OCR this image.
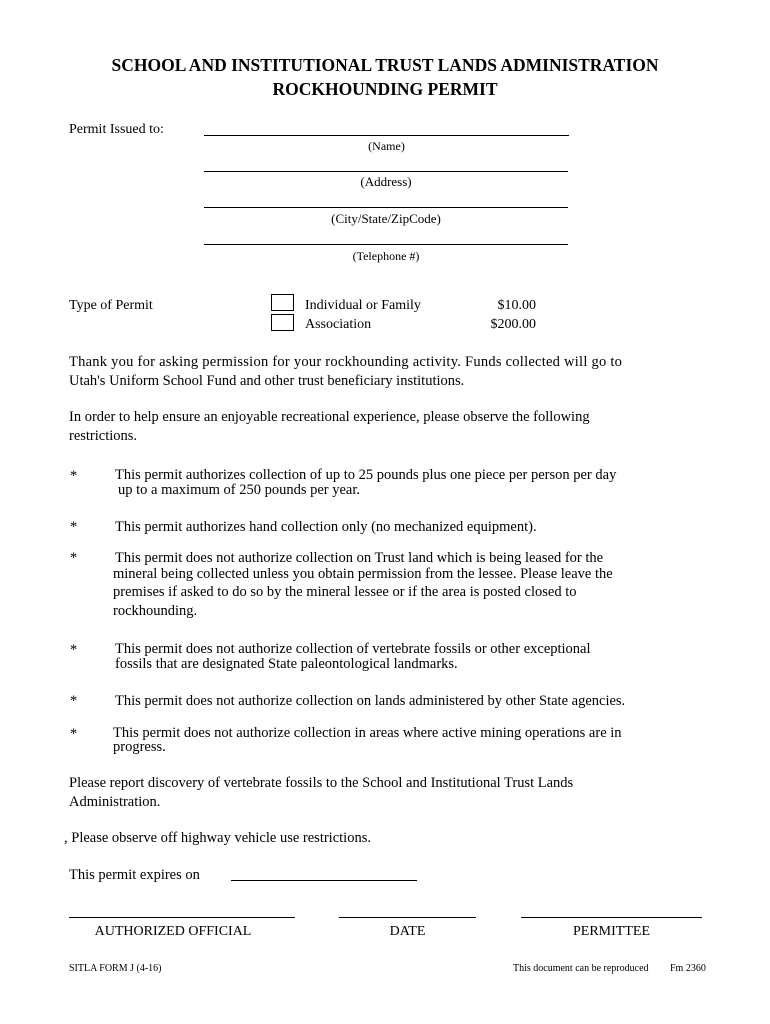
SCHOOL AND INSTITUTIONAL TRUST LANDS ADMINISTRATION
ROCKHOUNDING PERMIT
Permit Issued to:
(Name)
(Address)
(City/State/ZipCode)
(Telephone #)
Type of Permit	Individual or Family	$10.00
Association	$200.00
Thank you for asking permission for your rockhounding activity. Funds collected will go to
Utah's Uniform School Fund and other trust beneficiary institutions.
In order to help ensure an enjoyable recreational experience, please observe the following
restrictions.
*	This permit authorizes collection of up to 25 pounds plus one piece per person per day
up to a maximum of 250 pounds per year.
*	This permit authorizes hand collection only (no mechanized equipment).
*	This permit does not authorize collection on Trust land which is being leased for the
mineral being collected unless you obtain permission from the lessee. Please leave the
premises if asked to do so by the mineral lessee or if the area is posted closed to
rockhounding.
*	This permit does not authorize collection of vertebrate fossils or other exceptional
fossils that are designated State paleontological landmarks.
*	This permit does not authorize collection on lands administered by other State agencies.
* This permit does not authorize collection in areas where active mining operations are in
progress.
Please report discovery of vertebrate fossils to the School and Institutional Trust Lands
Administration.
, Please observe off highway vehicle use restrictions.
This permit expires on
AUTHORIZED OFFICIAL	DATE	PERMITTEE
SITLA FORM J (4-16)	This document can be reproduced Fm 2360
